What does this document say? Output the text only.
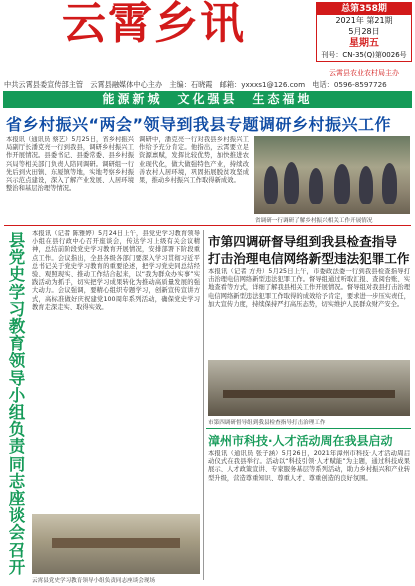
云霄乡讯	总第358期
2021年 第21期
5月28日
星期五
刊号：CN-35(Q)第0026号
云霄县农业农村局主办
中共云霄县委宣传部主管　云霄县融媒体中心主办　主编：石晓霞　邮箱：yxxxs1@126.com　电话：0596-8597726
能源新城　文化强县　生态福地
省乡村振兴“两会”领导到我县专题调研乡村振兴工作
本报讯（通讯员 蔡艺）5月25日，省乡村振兴局副厅长潘克亮一行到我县，调研乡村振兴工作开展情况。县委书记、县委常委、县乡村振兴局等相关部门负责人陪同调研。调研组一行先后到火田镇、东厦镇等地，实地考察乡村振兴示范点建设，深入了解产业发展、人居环境整治和基层治理等情况。
调研中，潘克亮一行对我县乡村振兴工作给予充分肯定。他指出，云霄要立足资源禀赋，发挥比较优势，加快推进农业现代化，做大做强特色产业，持续改善农村人居环境，巩固拓展脱贫攻坚成果，推动乡村振兴工作取得新成效。
省调研一行调研了解乡村振兴相关工作开展情况
县党史学习教育领导小组负责同志座谈会召开
本报讯（记者 陈雅婷）5月24日上午，县党史学习教育领导小组在县行政中心召开座谈会，传达学习上级有关会议精神，总结前阶段党史学习教育开展情况，安排部署下阶段重点工作。会议指出，全县各级各部门要深入学习贯彻习近平总书记关于党史学习教育的重要论述，把学习党史同总结经验、观照现实、推动工作结合起来，以“我为群众办实事”实践活动为抓手，切实把学习成果转化为推动高质量发展的强大动力。会议强调，要精心组织专题学习，创新宣传宣讲方式，高标准做好庆祝建党100周年系列活动，确保党史学习教育走深走实、取得实效。
云霄县党史学习教育领导小组负责同志座谈会现场
市第四调研督导组到我县检查指导
打击治理电信网络新型违法犯罪工作
本报讯（记者 方舟）5月25日上午，市委政法委一行到我县检查指导打击治理电信网络新型违法犯罪工作。督导组通过听取汇报、查阅台账、实地查看等方式，详细了解我县相关工作开展情况。督导组对我县打击治理电信网络新型违法犯罪工作取得的成效给予肯定，要求进一步压实责任，加大宣传力度，持续保持严打高压态势，切实维护人民群众财产安全。
市第四调研督导组到我县检查指导打击治理工作
漳州市科技·人才活动周在我县启动
本报讯（通讯员 张子涵）5月26日，2021年漳州市科技·人才活动周启动仪式在我县举行。活动以“科技引领·人才赋能”为主题，通过科技成果展示、人才政策宣讲、专家服务基层等系列活动，助力乡村振兴和产业转型升级，营造尊重知识、尊重人才、尊重创造的良好氛围。
